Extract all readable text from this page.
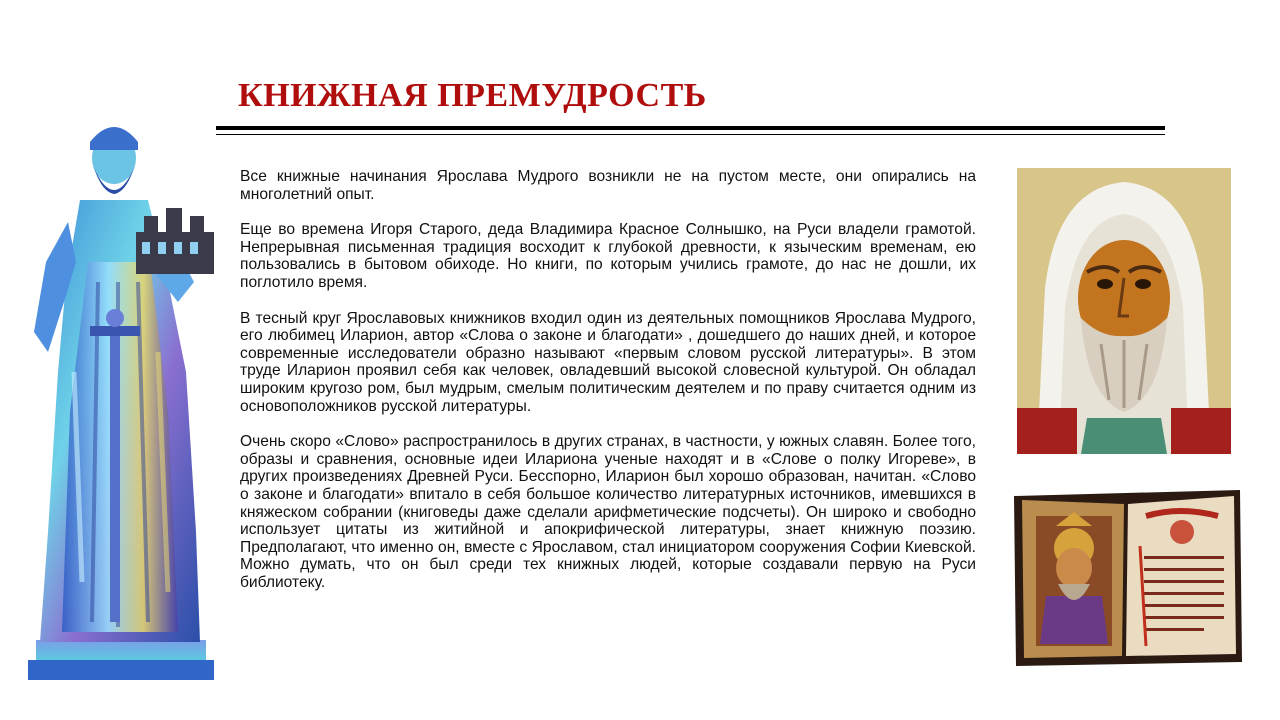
КНИЖНАЯ ПРЕМУДРОСТЬ

Все книжные начинания Ярослава Мудрого возникли не на пустом месте, они опирались на многолетний опыт.

Еще во времена Игоря Старого, деда Владимира Красное Солнышко, на Руси владели грамотой. Непрерывная письменная традиция восходит к глубокой древности, к языческим временам, ею пользовались в бытовом обиходе. Но книги, по которым учились грамоте, до нас не дошли, их поглотило время.

В тесный круг Ярославовых книжников входил один из деятельных помощников Ярослава Мудрого, его любимец Иларион, автор «Слова о законе и благодати» , дошедшего до наших дней, и которое современные исследователи образно называют «первым словом русской литературы». В этом труде Иларион проявил себя как человек, овладевший высокой словесной культурой. Он обладал широким кругозо ром, был мудрым, смелым политическим деятелем и по праву считается одним из основоположников русской литературы.

Очень скоро «Слово» распространилось в других странах, в частности, у южных славян. Более того, образы и сравнения, основные идеи Илариона ученые находят и в «Слове о полку Игореве», в других произведениях Древней Руси. Бесспорно, Иларион был хорошо образован, начитан. «Слово о законе и благодати» впитало в себя большое количество литературных источников, имевшихся в княжеском собрании (книговеды даже сделали арифметические подсчеты). Он широко и свободно использует цитаты из житийной и апокрифической литературы, знает книжную поэзию. Предполагают, что именно он, вместе с Ярославом, стал инициатором сооружения Софии Киевской. Можно думать, что он был среди тех книжных людей, которые создавали первую на Руси библиотеку.
